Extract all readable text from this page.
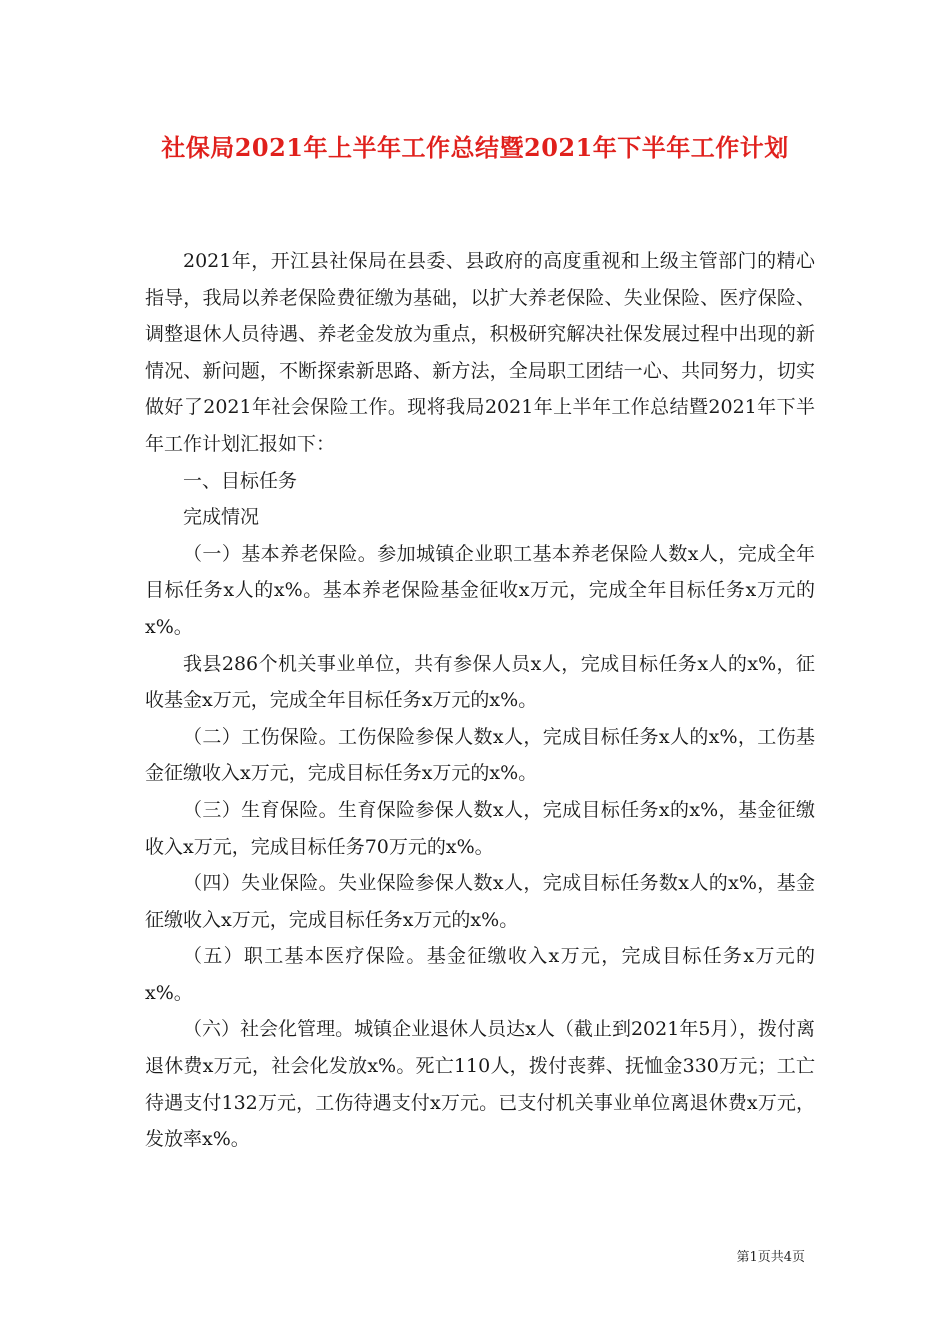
社保局2021年上半年工作总结暨2021年下半年工作计划

2021年，开江县社保局在县委、县政府的高度重视和上级主管部门的精心指导，我局以养老保险费征缴为基础，以扩大养老保险、失业保险、医疗保险、调整退休人员待遇、养老金发放为重点，积极研究解决社保发展过程中出现的新情况、新问题，不断探索新思路、新方法，全局职工团结一心、共同努力，切实做好了2021年社会保险工作。现将我局2021年上半年工作总结暨2021年下半年工作计划汇报如下：

一、目标任务

完成情况

（一）基本养老保险。参加城镇企业职工基本养老保险人数x人，完成全年目标任务x人的x%。基本养老保险基金征收x万元，完成全年目标任务x万元的x%。

我县286个机关事业单位，共有参保人员x人，完成目标任务x人的x%，征收基金x万元，完成全年目标任务x万元的x%。

（二）工伤保险。工伤保险参保人数x人，完成目标任务x人的x%，工伤基金征缴收入x万元，完成目标任务x万元的x%。

（三）生育保险。生育保险参保人数x人，完成目标任务x的x%，基金征缴收入x万元，完成目标任务70万元的x%。

（四）失业保险。失业保险参保人数x人，完成目标任务数x人的x%，基金征缴收入x万元，完成目标任务x万元的x%。

（五）职工基本医疗保险。基金征缴收入x万元，完成目标任务x万元的x%。

（六）社会化管理。城镇企业退休人员达x人（截止到2021年5月），拨付离退休费x万元，社会化发放x%。死亡110人，拨付丧葬、抚恤金330万元；工亡待遇支付132万元，工伤待遇支付x万元。已支付机关事业单位离退休费x万元，发放率x%。

第1页共4页
